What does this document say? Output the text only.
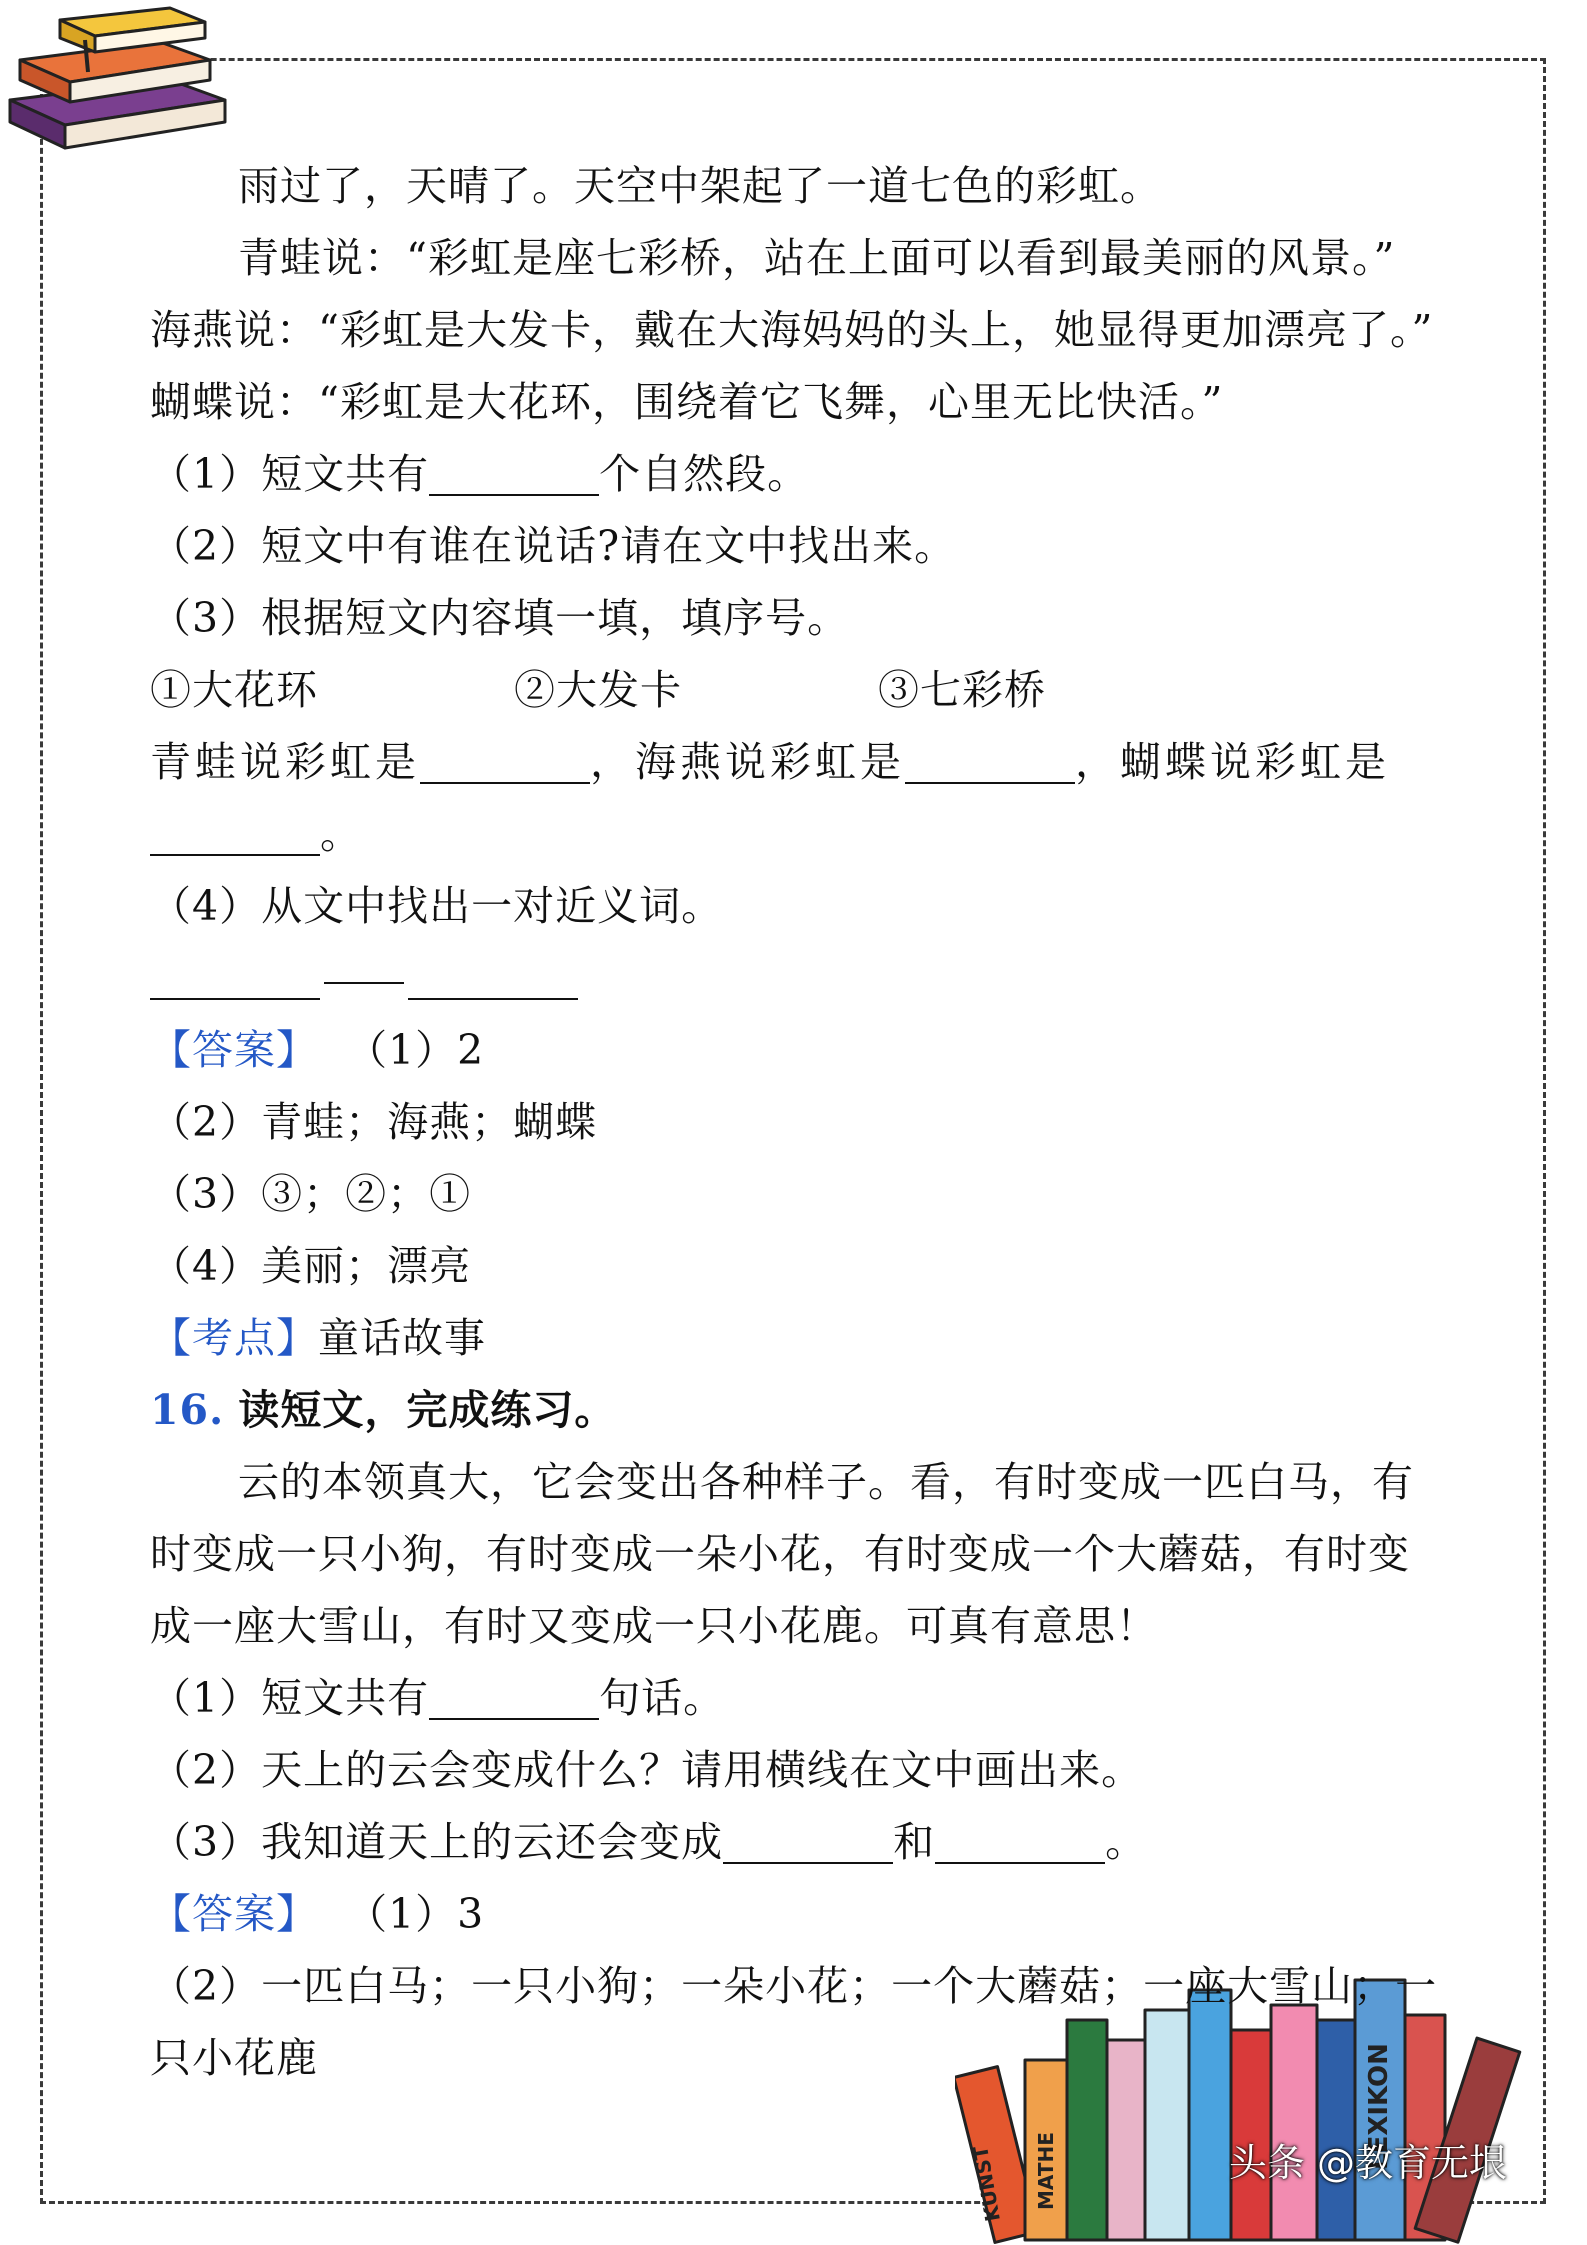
KUNST MATHE
LEXIKON
雨过了，天晴了。天空中架起了一道七色的彩虹。
青蛙说：“彩虹是座七彩桥，站在上面可以看到最美丽的风景。”
海燕说：“彩虹是大发卡，戴在大海妈妈的头上，她显得更加漂亮了。”
蝴蝶说：“彩虹是大花环，围绕着它飞舞，心里无比快活。”
（1）短文共有	个自然段。
（2）短文中有谁在说话?请在文中找出来。
（3）根据短文内容填一填，填序号。
①大花环	②大发卡	③七彩桥
青蛙说彩虹是	，海燕说彩虹是	，蝴蝶说彩虹是
。
（4）从文中找出一对近义词。
【答案】 （1）2
（2）青蛙；海燕；蝴蝶
（3）③；②；①
（4）美丽；漂亮
【考点】童话故事
16. 读短文，完成练习。
云的本领真大，它会变出各种样子。看，有时变成一匹白马，有
时变成一只小狗，有时变成一朵小花，有时变成一个大蘑菇，有时变
成一座大雪山，有时又变成一只小花鹿。可真有意思！
（1）短文共有	句话。
（2）天上的云会变成什么？请用横线在文中画出来。
（3）我知道天上的云还会变成	和	。
【答案】 （1）3
（2）一匹白马；一只小狗；一朵小花；一个大蘑菇；一座大雪山；一
只小花鹿
头条 @教育无垠
